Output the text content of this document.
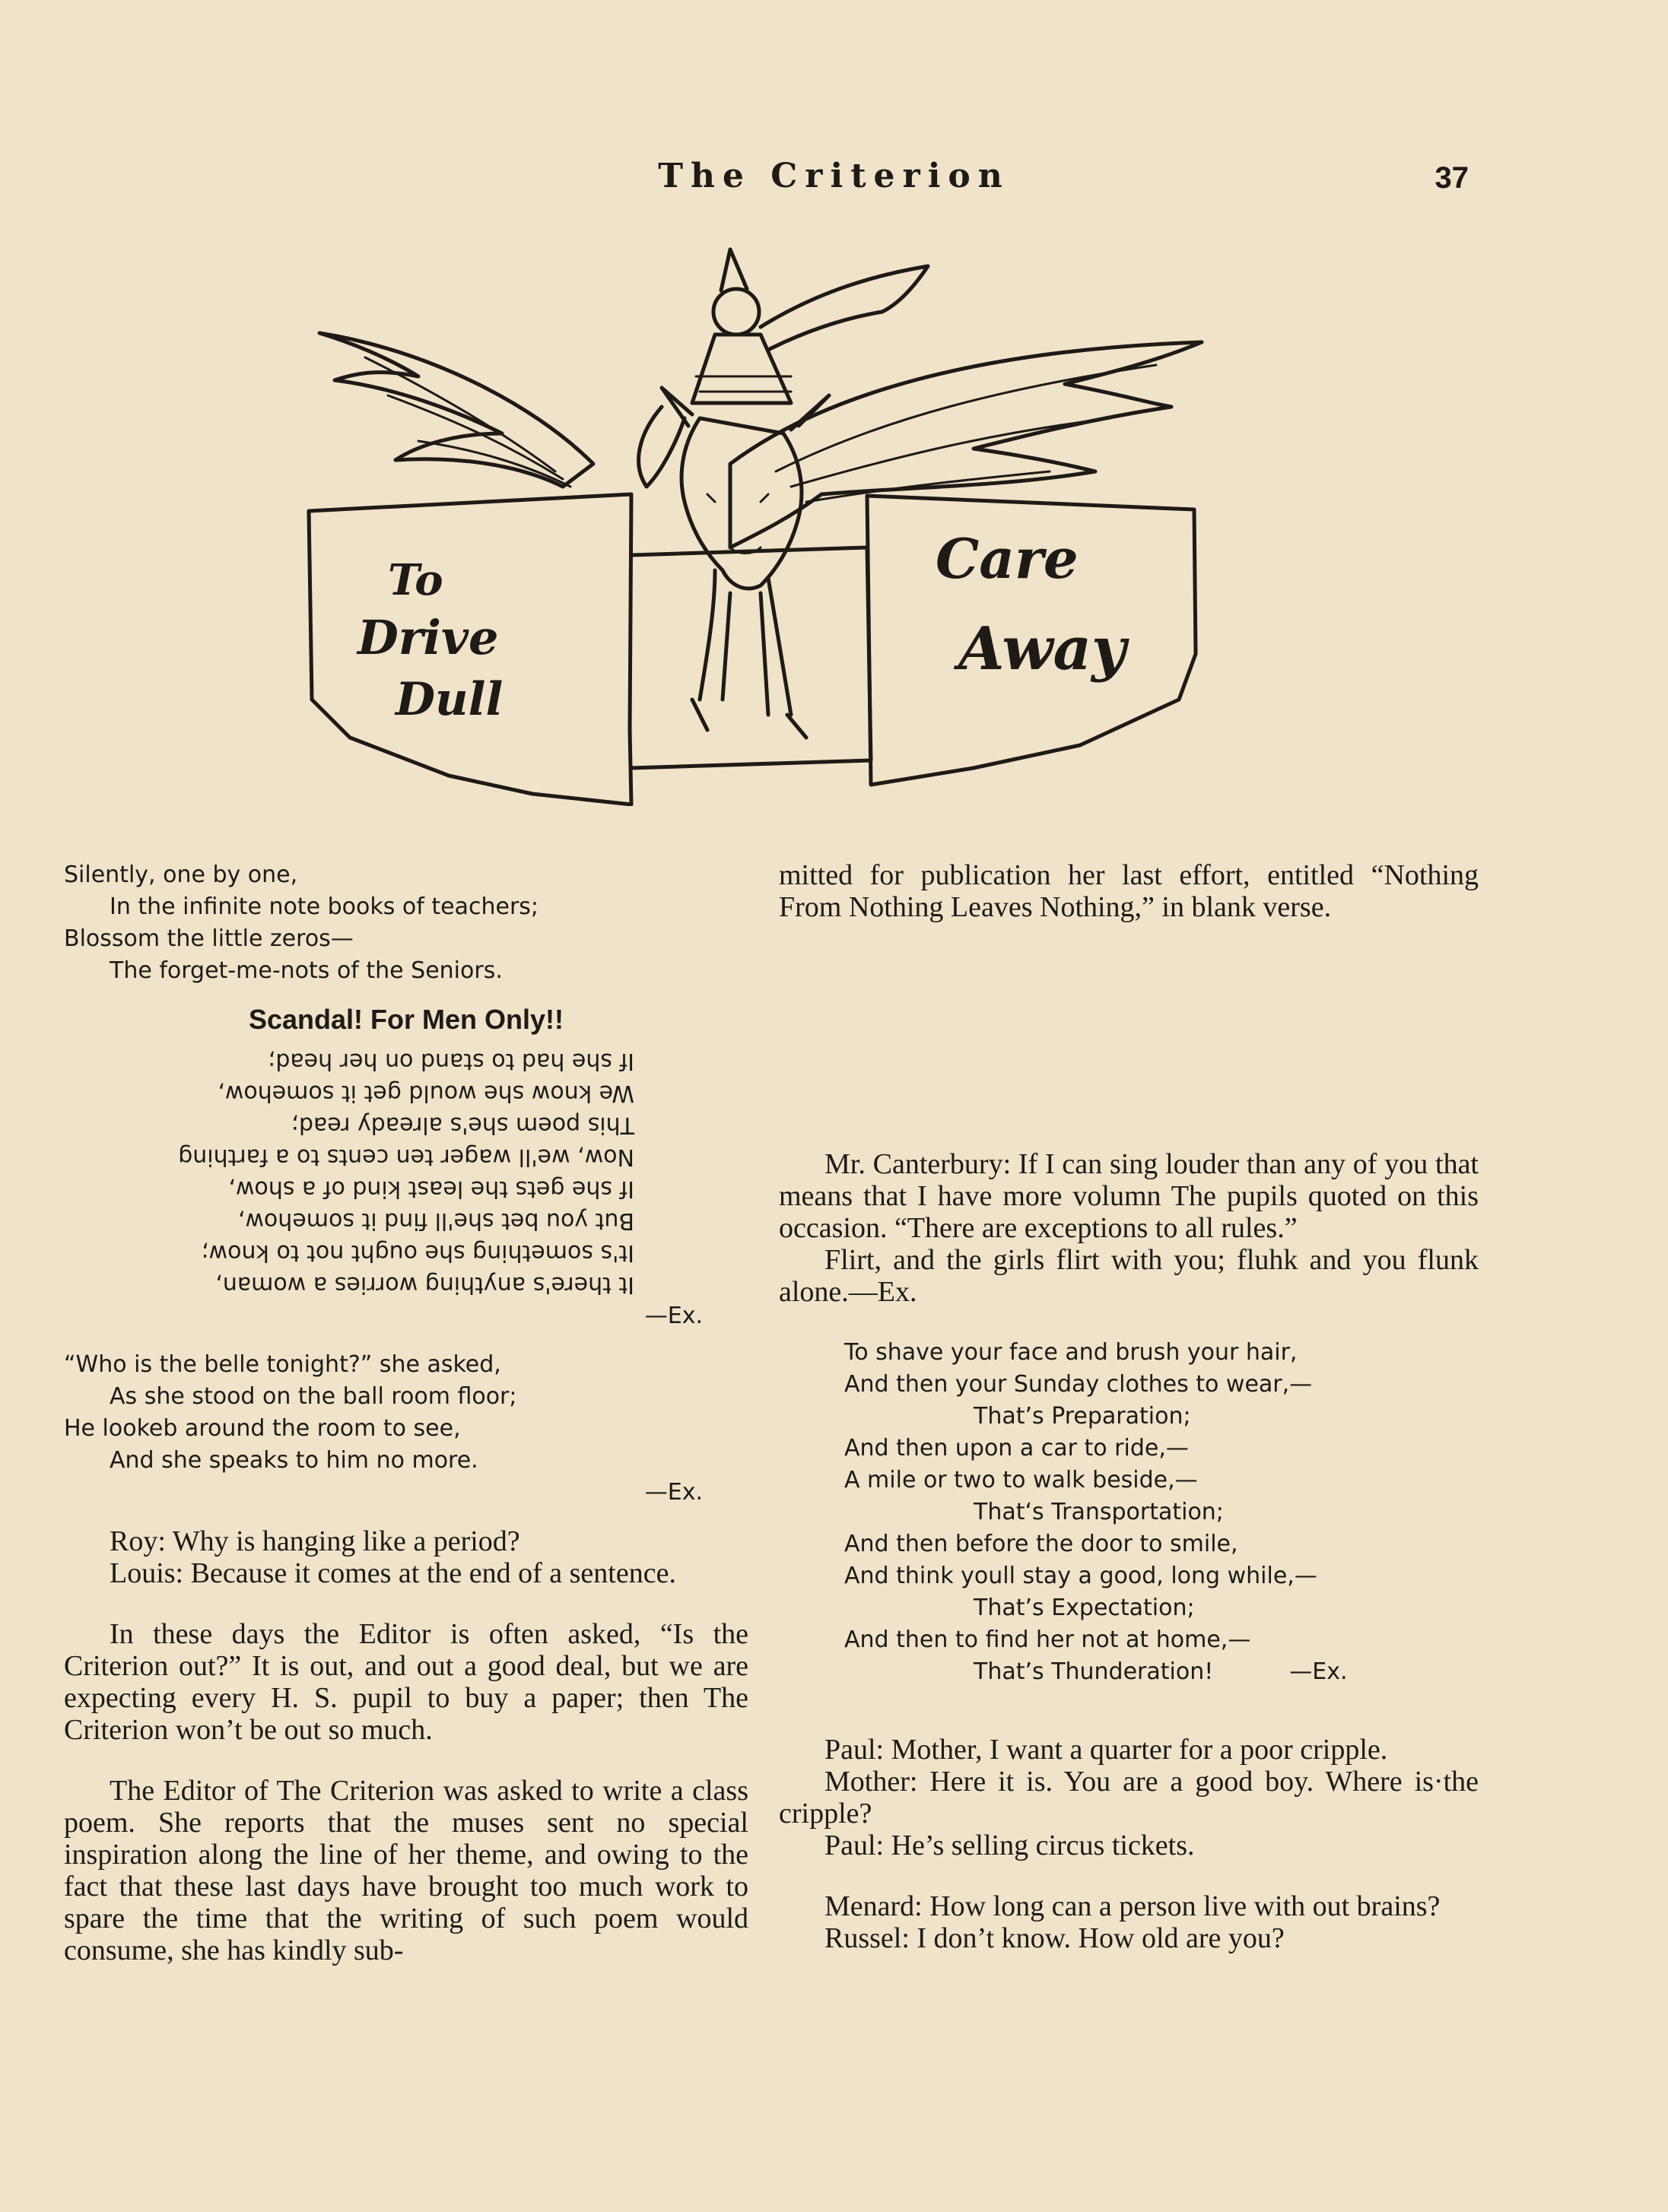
The Criterion	37
To
Drive
Dull
Care
Away
Silently, one by one,
In the infinite note books of teachers;
Blossom the little zeros—
The forget-me-nots of the Seniors.
Scandal! For Men Only!!
It there's anything worries a woman,
It's something she ought not to know;
But you bet she'll find it somehow,
If she gets the least kind of a show,
Now, we'll wager ten cents to a farthing
This poem she's already read;
We know she would get it somehow,
If she had to stand on her head;
—Ex.
“Who is the belle tonight?” she asked,
As she stood on the ball room floor;
He lookeb around the room to see,
And she speaks to him no more.
—Ex.

Roy: Why is hanging like a period?

Louis: Because it comes at the end of a sentence.

In these days the Editor is often asked, “Is the Criterion out?” It is out, and out a good deal, but we are expecting every H. S. pupil to buy a paper; then The Criterion won’t be out so much.

The Editor of The Criterion was asked to write a class poem. She reports that the muses sent no special inspiration along the line of her theme, and owing to the fact that these last days have brought too much work to spare the time that the writing of such poem would consume, she has kindly sub-

mitted for publication her last effort, entitled “Nothing From Nothing Leaves Nothing,” in blank verse.

Mr. Canterbury: If I can sing louder than any of you that means that I have more volumn The pupils quoted on this occasion. “There are exceptions to all rules.”

Flirt, and the girls flirt with you; fluhk and you flunk alone.—Ex.

To shave your face and brush your hair,
And then your Sunday clothes to wear,—
That’s Preparation;
And then upon a car to ride,—
A mile or two to walk beside,—
That‘s Transportation;
And then before the door to smile,
And think youll stay a good, long while,—
That’s Expectation;
And then to find her not at home,—
That’s Thunderation!	—Ex.

Paul: Mother, I want a quarter for a poor cripple.

Mother: Here it is. You are a good boy. Where is·the cripple?

Paul: He’s selling circus tickets.

Menard: How long can a person live with out brains?

Russel: I don’t know. How old are you?
